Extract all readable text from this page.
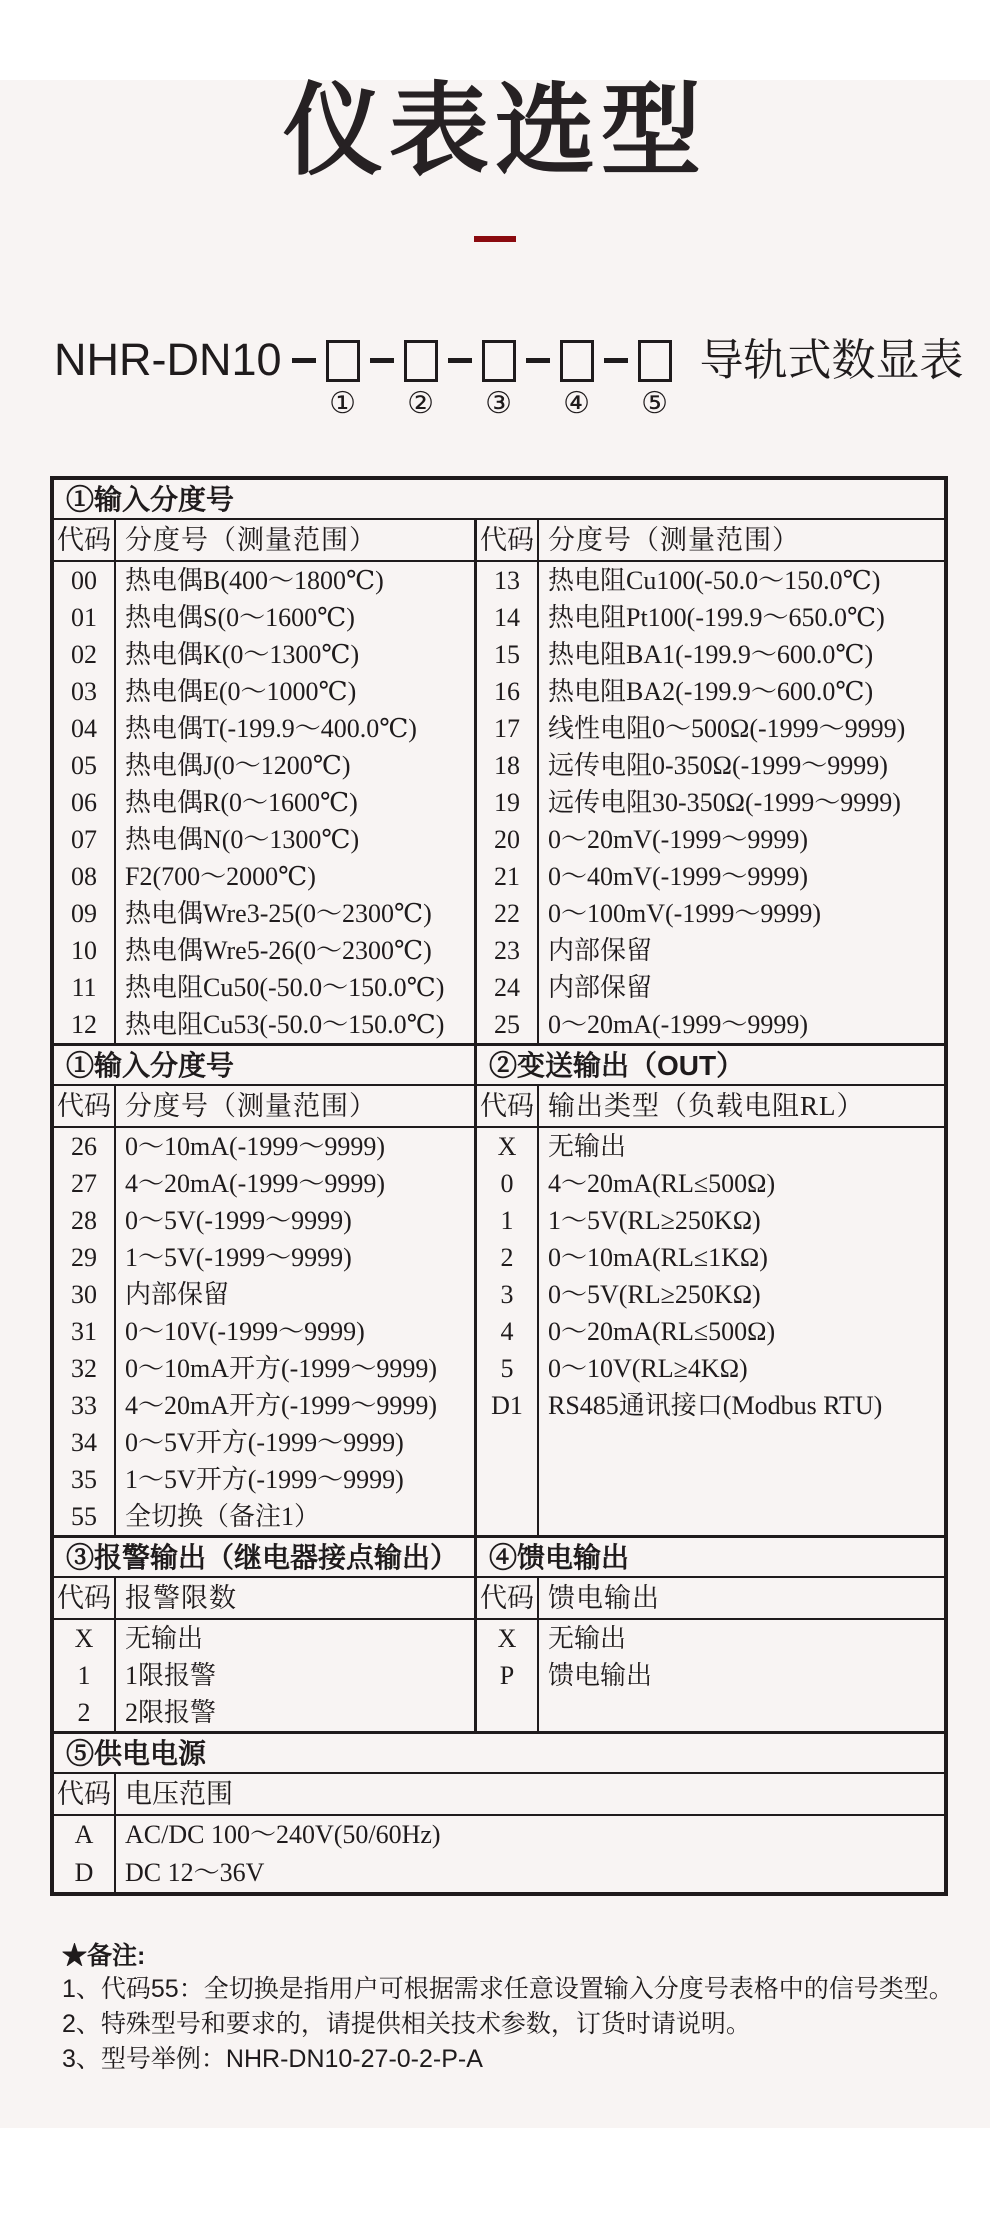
仪表选型
NHR-DN10
① ② ③ ④ ⑤
导轨式数显表
①输入分度号
代码 分度号（测量范围）
00	热电偶B(400～1800℃)
01	热电偶S(0～1600℃)
02	热电偶K(0～1300℃)
03	热电偶E(0～1000℃)
04	热电偶T(-199.9～400.0℃)
05	热电偶J(0～1200℃)
06	热电偶R(0～1600℃)
07	热电偶N(0～1300℃)
08	F2(700～2000℃)
09	热电偶Wre3-25(0～2300℃)
10	热电偶Wre5-26(0～2300℃)
11	热电阻Cu50(-50.0～150.0℃)
12	热电阻Cu53(-50.0～150.0℃)
代码 分度号（测量范围）
13	热电阻Cu100(-50.0～150.0℃)
14	热电阻Pt100(-199.9～650.0℃)
15	热电阻BA1(-199.9～600.0℃)
16	热电阻BA2(-199.9～600.0℃)
17	线性电阻0～500Ω(-1999～9999)
18	远传电阻0-350Ω(-1999～9999)
19	远传电阻30-350Ω(-1999～9999)
20	0～20mV(-1999～9999)
21	0～40mV(-1999～9999)
22	0～100mV(-1999～9999)
23	内部保留
24	内部保留
25	0～20mA(-1999～9999)
①输入分度号	②变送输出（OUT）
代码 分度号（测量范围）
26	0～10mA(-1999～9999)
27	4～20mA(-1999～9999)
28	0～5V(-1999～9999)
29	1～5V(-1999～9999)
30	内部保留
31	0～10V(-1999～9999)
32	0～10mA开方(-1999～9999)
33	4～20mA开方(-1999～9999)
34	0～5V开方(-1999～9999)
35	1～5V开方(-1999～9999)
55	全切换（备注1）
代码 输出类型（负载电阻RL）
X	无输出
0	4～20mA(RL≤500Ω)
1	1～5V(RL≥250KΩ)
2	0～10mA(RL≤1KΩ)
3	0～5V(RL≥250KΩ)
4	0～20mA(RL≤500Ω)
5	0～10V(RL≥4KΩ)
D1 RS485通讯接口(Modbus RTU)
③报警输出（继电器接点输出）	④馈电输出
代码 报警限数
X	无输出
1	1限报警
2	2限报警
代码 馈电输出
X	无输出
P	馈电输出
⑤供电电源
代码 电压范围
A	AC/DC 100～240V(50/60Hz)
D	DC 12～36V
★备注:
1、代码55：全切换是指用户可根据需求任意设置输入分度号表格中的信号类型。
2、特殊型号和要求的，请提供相关技术参数，订货时请说明。
3、型号举例：NHR-DN10-27-0-2-P-A
